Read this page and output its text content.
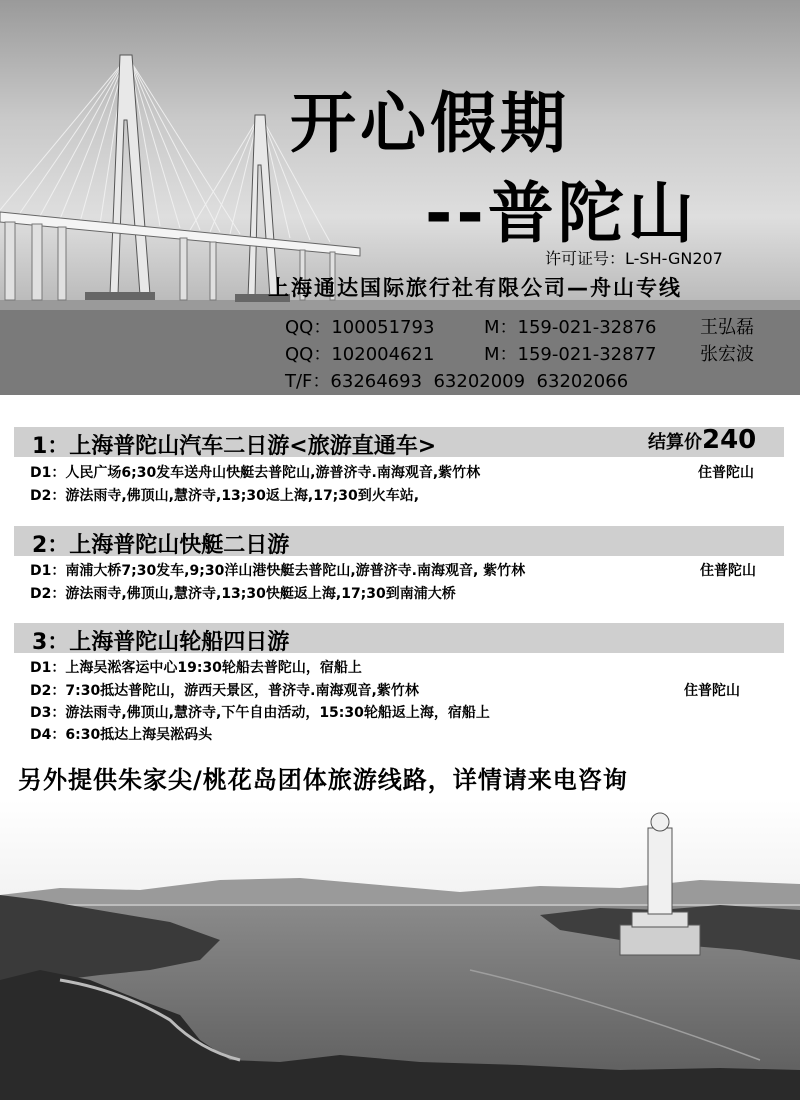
开心假期
--普陀山
许可证号：L-SH-GN207
上海通达国际旅行社有限公司—舟山专线
QQ：100051793	M：159-021-32876 王弘磊
QQ：102004621	M：159-021-32877 张宏波
T/F：63264693  63202009  63202066
1：上海普陀山汽车二日游<旅游直通车>	结算价240
D1：人民广场6;30发车送舟山快艇去普陀山,游普济寺.南海观音,紫竹林	住普陀山
D2：游法雨寺,佛顶山,慧济寺,13;30返上海,17;30到火车站,
2：上海普陀山快艇二日游
D1：南浦大桥7;30发车,9;30洋山港快艇去普陀山,游普济寺.南海观音, 紫竹林	住普陀山
D2：游法雨寺,佛顶山,慧济寺,13;30快艇返上海,17;30到南浦大桥
3：上海普陀山轮船四日游
D1：上海吴淞客运中心19:30轮船去普陀山，宿船上
D2：7:30抵达普陀山，游西天景区，普济寺.南海观音,紫竹林	住普陀山
D3：游法雨寺,佛顶山,慧济寺,下午自由活动，15:30轮船返上海，宿船上
D4：6:30抵达上海吴淞码头
另外提供朱家尖/桃花岛团体旅游线路，详情请来电咨询
